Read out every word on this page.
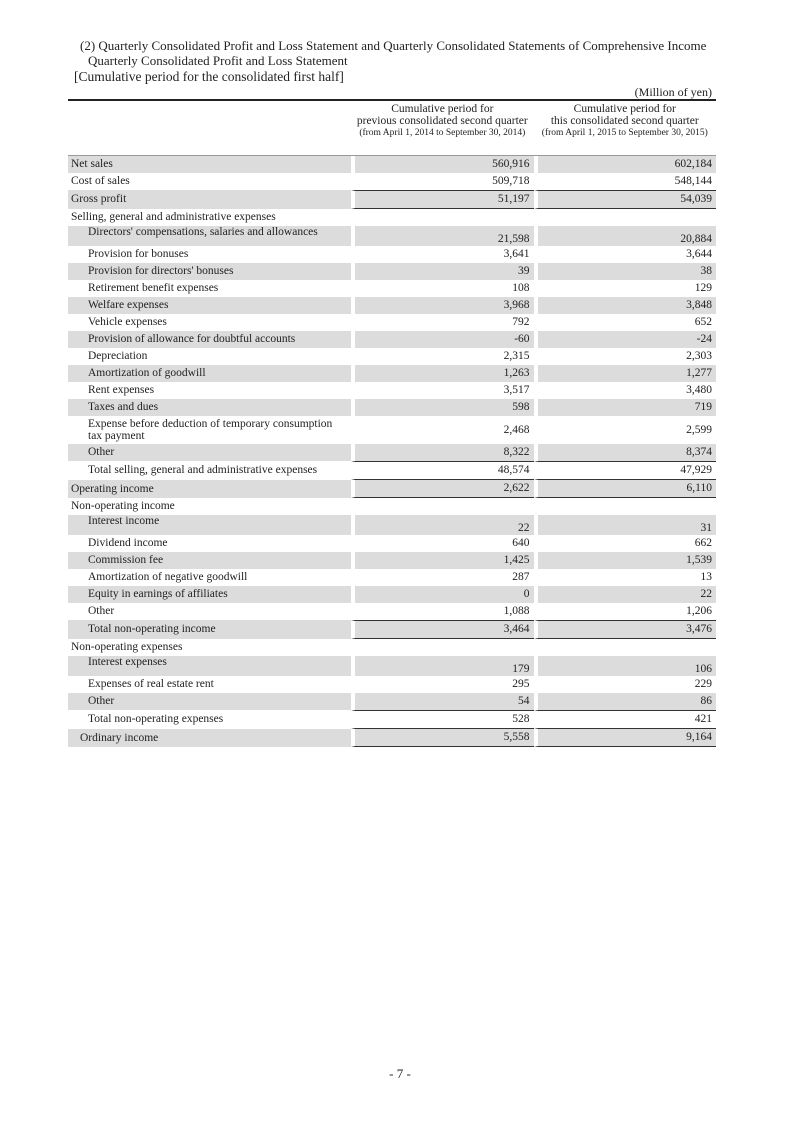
(2) Quarterly Consolidated Profit and Loss Statement and Quarterly Consolidated Statements of Comprehensive Income
Quarterly Consolidated Profit and Loss Statement
[Cumulative period for the consolidated first half]
(Million of yen)
	Cumulative period for
previous consolidated second quarter
(from April 1, 2014 to September 30, 2014)	Cumulative period for
this consolidated second quarter
(from April 1, 2015 to September 30, 2015)

Net sales	560,916	602,184
Cost of sales	509,718	548,144
Gross profit	51,197	54,039
Selling, general and administrative expenses		
Directors' compensations, salaries and allowances	21,598	20,884
Provision for bonuses	3,641	3,644
Provision for directors' bonuses	39	38
Retirement benefit expenses	108	129
Welfare expenses	3,968	3,848
Vehicle expenses	792	652
Provision of allowance for doubtful accounts	-60	-24
Depreciation	2,315	2,303
Amortization of goodwill	1,263	1,277
Rent expenses	3,517	3,480
Taxes and dues	598	719
Expense before deduction of temporary consumption tax payment	2,468	2,599
Other	8,322	8,374
Total selling, general and administrative expenses	48,574	47,929
Operating income	2,622	6,110
Non-operating income		
Interest income	22	31
Dividend income	640	662
Commission fee	1,425	1,539
Amortization of negative goodwill	287	13
Equity in earnings of affiliates	0	22
Other	1,088	1,206
Total non-operating income	3,464	3,476
Non-operating expenses		
Interest expenses	179	106
Expenses of real estate rent	295	229
Other	54	86
Total non-operating expenses	528	421
Ordinary income	5,558	9,164
- 7 -
